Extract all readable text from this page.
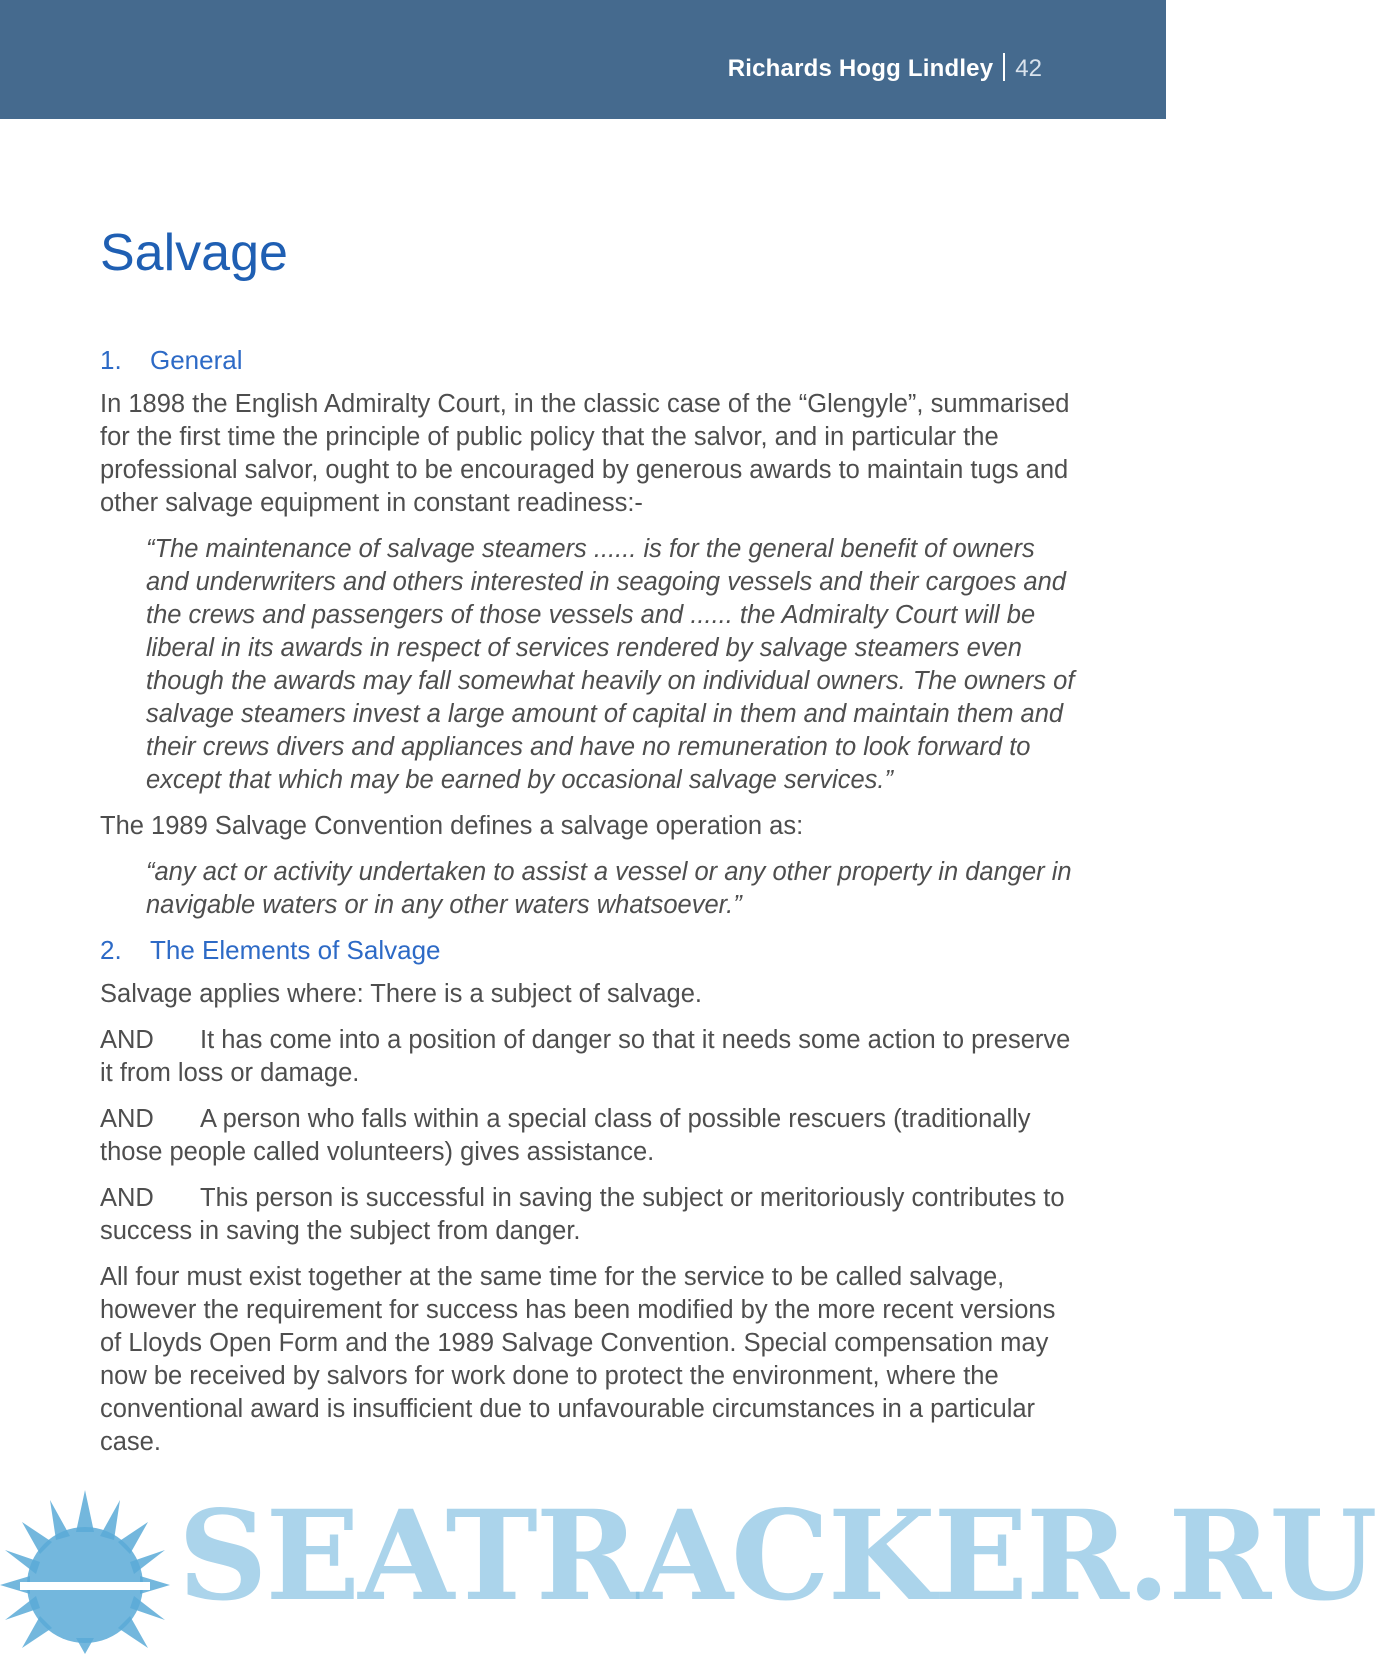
Richards Hogg Lindley 42
Salvage
1. General

In 1898 the English Admiralty Court, in the classic case of the “Glengyle”, summarised for the first time the principle of public policy that the salvor, and in particular the professional salvor, ought to be encouraged by generous awards to maintain tugs and other salvage equipment in constant readiness:-

“The maintenance of salvage steamers ...... is for the general benefit of owners and underwriters and others interested in seagoing vessels and their cargoes and the crews and passengers of those vessels and ...... the Admiralty Court will be liberal in its awards in respect of services rendered by salvage steamers even though the awards may fall somewhat heavily on individual owners. The owners of salvage steamers invest a large amount of capital in them and maintain them and their crews divers and appliances and have no remuneration to look forward to except that which may be earned by occasional salvage services.”

The 1989 Salvage Convention defines a salvage operation as:

“any act or activity undertaken to assist a vessel or any other property in danger in navigable waters or in any other waters whatsoever.”

2. The Elements of Salvage

Salvage applies where: There is a subject of salvage.

AND It has come into a position of danger so that it needs some action to preserve it from loss or damage.

AND A person who falls within a special class of possible rescuers (traditionally those people called volunteers) gives assistance.

AND This person is successful in saving the subject or meritoriously contributes to success in saving the subject from danger.

All four must exist together at the same time for the service to be called salvage, however the requirement for success has been modified by the more recent versions of Lloyds Open Form and the 1989 Salvage Convention. Special compensation may now be received by salvors for work done to protect the environment, where the conventional award is insufficient due to unfavourable circumstances in a particular case.

SEATRACKER.RU
